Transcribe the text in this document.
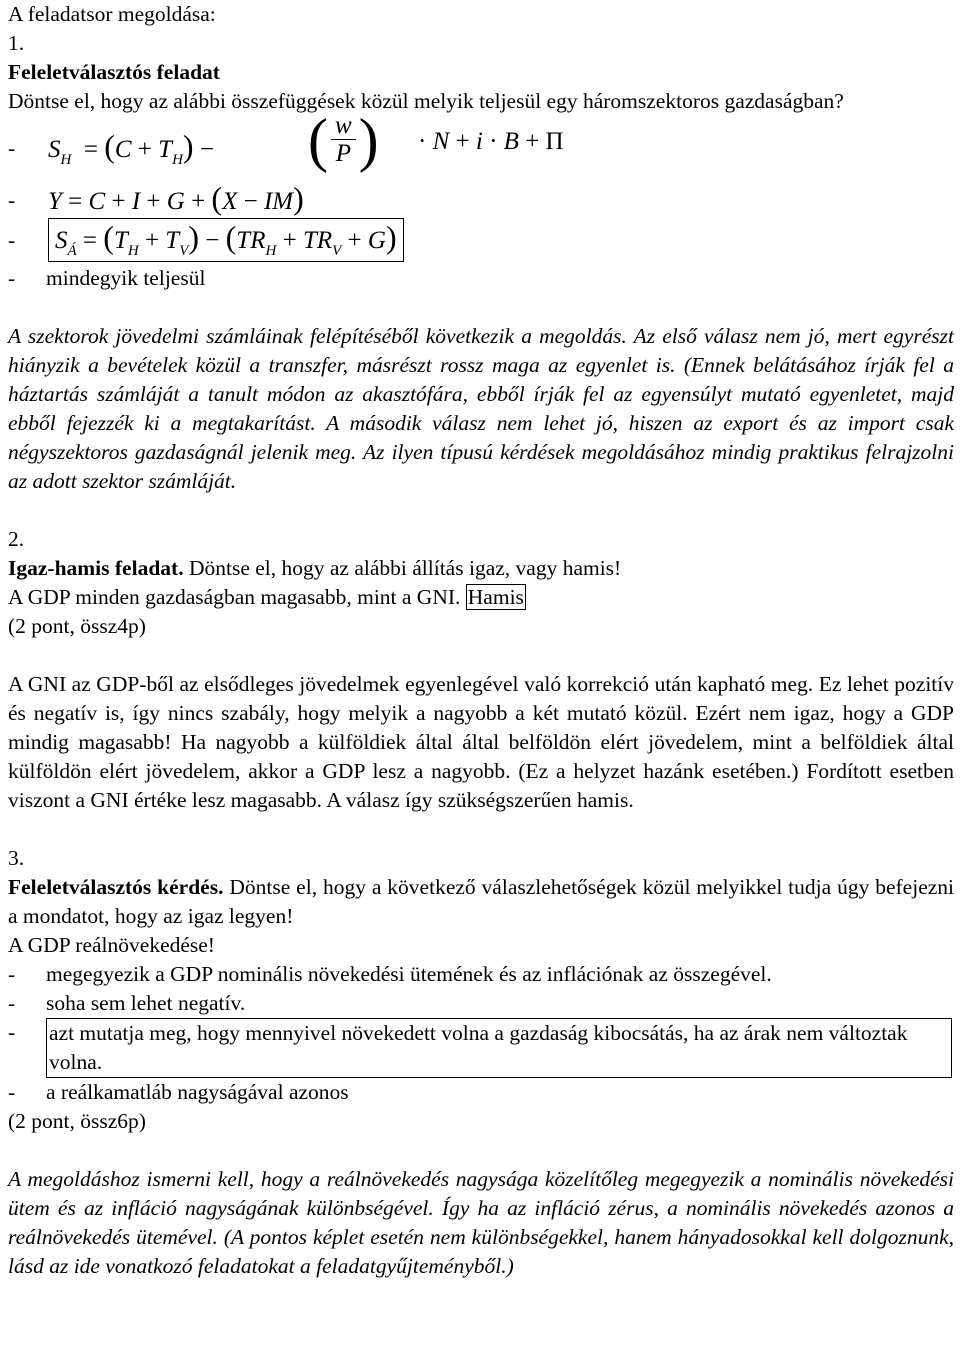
A feladatsor megoldása:
1.
Feleletválasztós feladat
Döntse el, hogy az alábbi összefüggések közül melyik teljesül egy háromszektoros gazdaságban?
- $S_H = (C + T_H)$ − ( $\frac{w}{P}$ ) · N + i · B + Π
- Y = C + I + G + (X − IM)
- $S_Á = (T_H + T_V) - (TR_H + TR_V + G)$
- mindegyik teljesül
A szektorok jövedelmi számláinak felépítéséből következik a megoldás. Az első válasz nem jó, mert egyrészt hiányzik a bevételek közül a transzfer, másrészt rossz maga az egyenlet is. (Ennek belátásához írják fel a háztartás számláját a tanult módon az akasztófára, ebből írják fel az egyensúlyt mutató egyenletet, majd ebből fejezzék ki a megtakarítást. A második válasz nem lehet jó, hiszen az export és az import csak négyszektoros gazdaságnál jelenik meg. Az ilyen típusú kérdések megoldásához mindig praktikus felrajzolni az adott szektor számláját.
2.
Igaz-hamis feladat. Döntse el, hogy az alábbi állítás igaz, vagy hamis!
A GDP minden gazdaságban magasabb, mint a GNI. Hamis
(2 pont, össz4p)
A GNI az GDP-ből az elsődleges jövedelmek egyenlegével való korrekció után kapható meg. Ez lehet pozitív és negatív is, így nincs szabály, hogy melyik a nagyobb a két mutató közül. Ezért nem igaz, hogy a GDP mindig magasabb! Ha nagyobb a külföldiek által által belföldön elért jövedelem, mint a belföldiek által külföldön elért jövedelem, akkor a GDP lesz a nagyobb. (Ez a helyzet hazánk esetében.) Fordított esetben viszont a GNI értéke lesz magasabb. A válasz így szükségszerűen hamis.
3.
Feleletválasztós kérdés. Döntse el, hogy a következő válaszlehetőségek közül melyikkel tudja úgy befejezni a mondatot, hogy az igaz legyen!
A GDP reálnövekedése!
-	megegyezik a GDP nominális növekedési ütemének és az inflációnak az összegével.
-	soha sem lehet negatív.
-	azt mutatja meg, hogy mennyivel növekedett volna a gazdaság kibocsátás, ha az árak nem változtak volna.
-	a reálkamatláb nagyságával azonos
(2 pont, össz6p)
A megoldáshoz ismerni kell, hogy a reálnövekedés nagysága közelítőleg megegyezik a nominális növekedési ütem és az infláció nagyságának különbségével. Így ha az infláció zérus, a nominális növekedés azonos a reálnövekedés ütemével. (A pontos képlet esetén nem különbségekkel, hanem hányadosokkal kell dolgoznunk, lásd az ide vonatkozó feladatokat a feladatgyűjteményből.)
